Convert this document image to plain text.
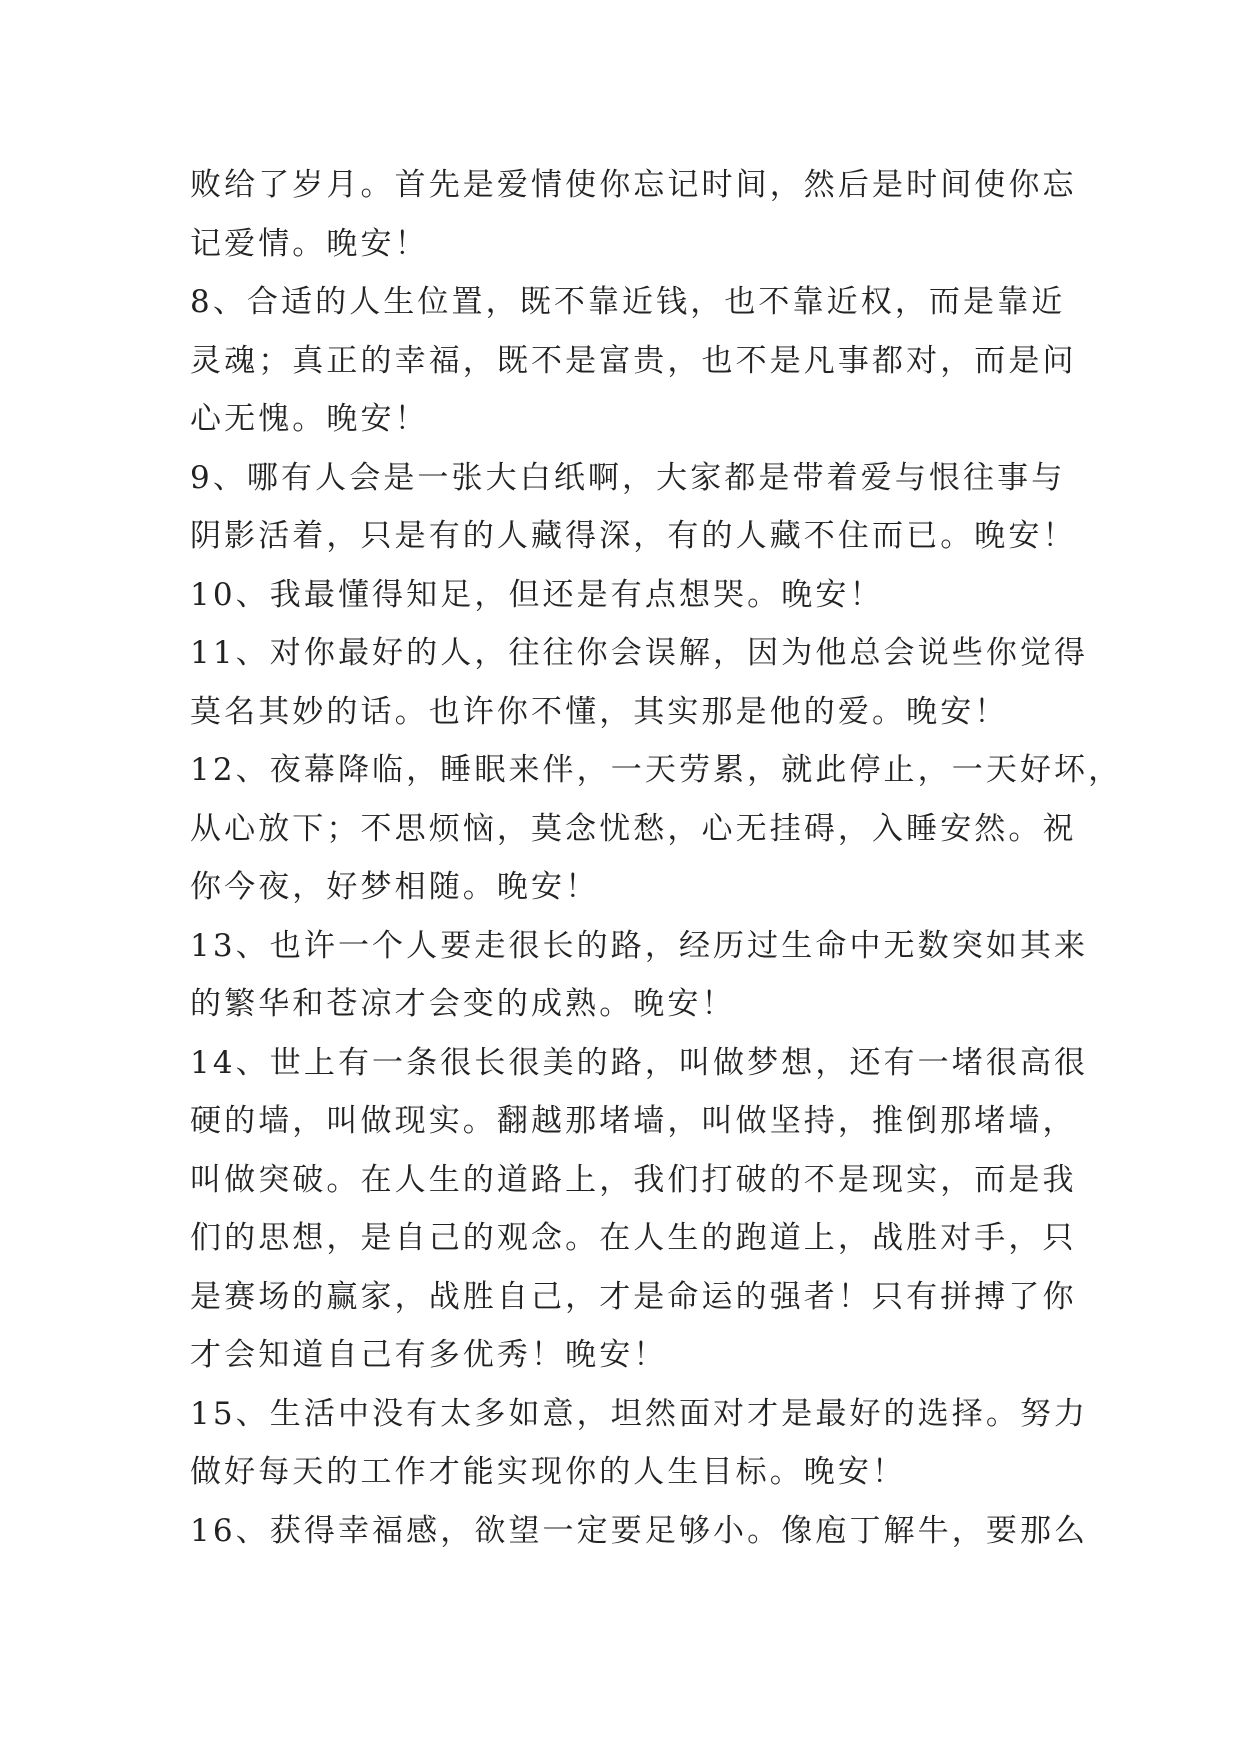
败给了岁月。首先是爱情使你忘记时间，然后是时间使你忘
记爱情。晚安！
8、合适的人生位置，既不靠近钱，也不靠近权，而是靠近
灵魂；真正的幸福，既不是富贵，也不是凡事都对，而是问
心无愧。晚安！
9、哪有人会是一张大白纸啊，大家都是带着爱与恨往事与
阴影活着，只是有的人藏得深，有的人藏不住而已。晚安！
10、我最懂得知足，但还是有点想哭。晚安！
11、对你最好的人，往往你会误解，因为他总会说些你觉得
莫名其妙的话。也许你不懂，其实那是他的爱。晚安！
12、夜幕降临，睡眠来伴，一天劳累，就此停止，一天好坏，
从心放下；不思烦恼，莫念忧愁，心无挂碍，入睡安然。祝
你今夜，好梦相随。晚安！
13、也许一个人要走很长的路，经历过生命中无数突如其来
的繁华和苍凉才会变的成熟。晚安！
14、世上有一条很长很美的路，叫做梦想，还有一堵很高很
硬的墙，叫做现实。翻越那堵墙，叫做坚持，推倒那堵墙，
叫做突破。在人生的道路上，我们打破的不是现实，而是我
们的思想，是自己的观念。在人生的跑道上，战胜对手，只
是赛场的赢家，战胜自己，才是命运的强者！只有拼搏了你
才会知道自己有多优秀！晚安！
15、生活中没有太多如意，坦然面对才是最好的选择。努力
做好每天的工作才能实现你的人生目标。晚安！
16、获得幸福感，欲望一定要足够小。像庖丁解牛，要那么
